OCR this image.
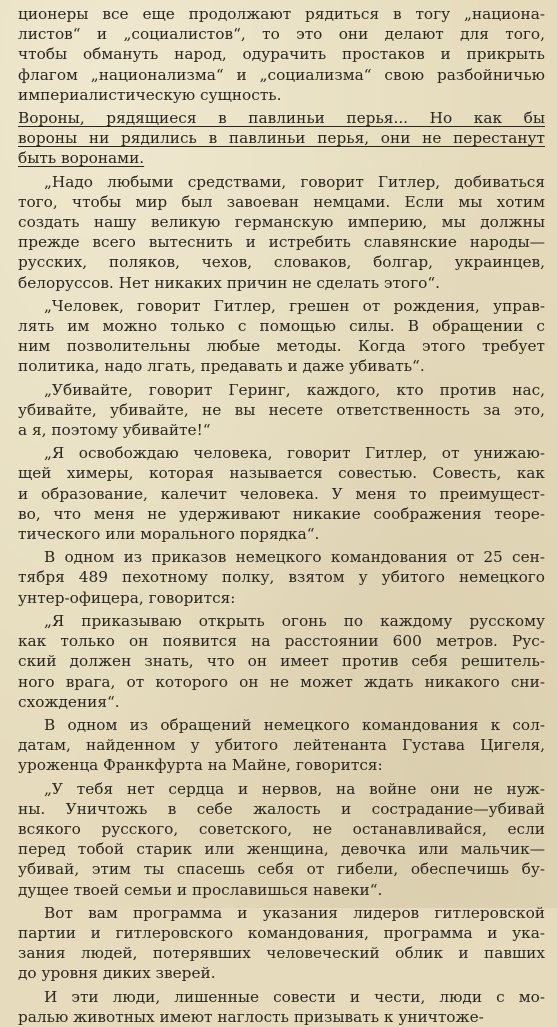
ционеры все еще продолжают рядиться в тогу „национа-
листов“ и „социалистов“, то это они делают для того,
чтобы обмануть народ, одурачить простаков и прикрыть
флагом „национализма“ и „социализма“ свою разбойничью
империалистическую сущность.

Вороны, рядящиеся в павлиньи перья... Но как бы
вороны ни рядились в павлиньи перья, они не перестанут
быть воронами.

„Надо любыми средствами, говорит Гитлер, добиваться
того, чтобы мир был завоеван немцами. Если мы хотим
создать нашу великую германскую империю, мы должны
прежде всего вытеснить и истребить славянские народы—
русских, поляков, чехов, словаков, болгар, украинцев,
белоруссов. Нет никаких причин не сделать этого“.

„Человек, говорит Гитлер, грешен от рождения, управ-
лять им можно только с помощью силы. В обращении с
ним позволительны любые методы. Когда этого требует
политика, надо лгать, предавать и даже убивать“.

„Убивайте, говорит Геринг, каждого, кто против нас,
убивайте, убивайте, не вы несете ответственность за это,
а я, поэтому убивайте!“

„Я освобождаю человека, говорит Гитлер, от унижаю-
щей химеры, которая называется совестью. Совесть, как
и образование, калечит человека. У меня то преимущест-
во, что меня не удерживают никакие соображения теоре-
тического или морального порядка“.

В одном из приказов немецкого командования от 25 сен-
тября 489 пехотному полку, взятом у убитого немецкого
унтер-офицера, говорится:

„Я приказываю открыть огонь по каждому русскому
как только он появится на расстоянии 600 метров. Рус-
ский должен знать, что он имеет против себя решитель-
ного врага, от которого он не может ждать никакого сни-
схождения“.

В одном из обращений немецкого командования к сол-
датам, найденном у убитого лейтенанта Густава Цигеля,
уроженца Франкфурта на Майне, говорится:

„У тебя нет сердца и нервов, на войне они не нуж-
ны. Уничтожь в себе жалость и сострадание—убивай
всякого русского, советского, не останавливайся, если
перед тобой старик или женщина, девочка или мальчик—
убивай, этим ты спасешь себя от гибели, обеспечишь бу-
дущее твоей семьи и прославишься навеки“.

Вот вам программа и указания лидеров гитлеровской
партии и гитлеровского командования, программа и ука-
зания людей, потерявших человеческий облик и павших
до уровня диких зверей.

И эти люди, лишенные совести и чести, люди с мо-
ралью животных имеют наглость призывать к уничтоже-
